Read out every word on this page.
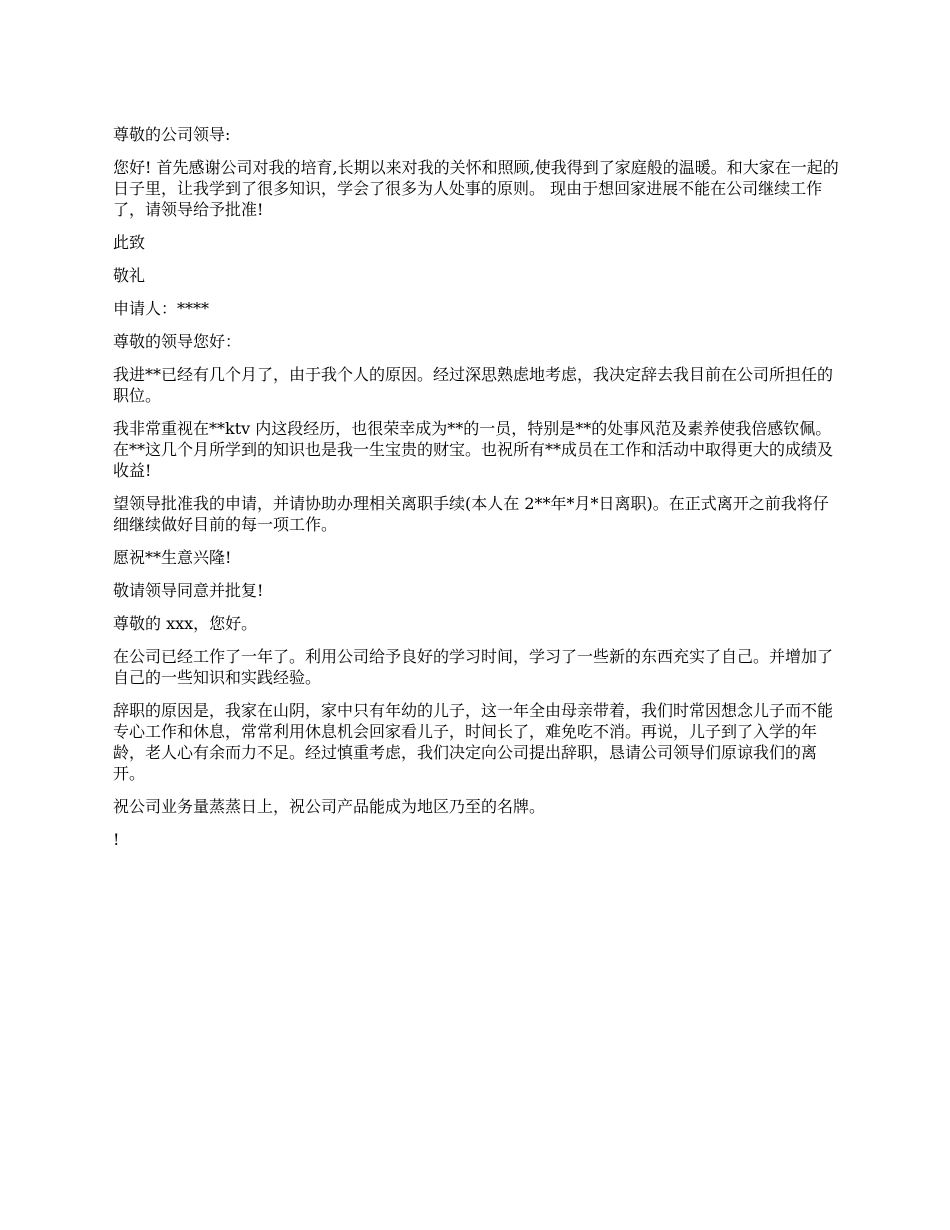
尊敬的公司领导:

您好! 首先感谢公司对我的培育,长期以来对我的关怀和照顾,使我得到了家庭般的温暖。和大家在一起的日子里，让我学到了很多知识，学会了很多为人处事的原则。 现由于想回家进展不能在公司继续工作了，请领导给予批准!

此致

敬礼

申请人：****

尊敬的领导您好：

我进**已经有几个月了，由于我个人的原因。经过深思熟虑地考虑，我决定辞去我目前在公司所担任的职位。

我非常重视在**ktv 内这段经历，也很荣幸成为**的一员，特别是**的处事风范及素养使我倍感钦佩。在**这几个月所学到的知识也是我一生宝贵的财宝。也祝所有**成员在工作和活动中取得更大的成绩及收益!

望领导批准我的申请，并请协助办理相关离职手续(本人在 2**年*月*日离职)。在正式离开之前我将仔细继续做好目前的每一项工作。

愿祝**生意兴隆!

敬请领导同意并批复!

尊敬的 xxx，您好。

在公司已经工作了一年了。利用公司给予良好的学习时间，学习了一些新的东西充实了自己。并增加了自己的一些知识和实践经验。

辞职的原因是，我家在山阴，家中只有年幼的儿子，这一年全由母亲带着，我们时常因想念儿子而不能专心工作和休息，常常利用休息机会回家看儿子，时间长了，难免吃不消。再说，儿子到了入学的年龄，老人心有余而力不足。经过慎重考虑，我们决定向公司提出辞职，恳请公司领导们原谅我们的离开。

祝公司业务量蒸蒸日上，祝公司产品能成为地区乃至的名牌。

!
